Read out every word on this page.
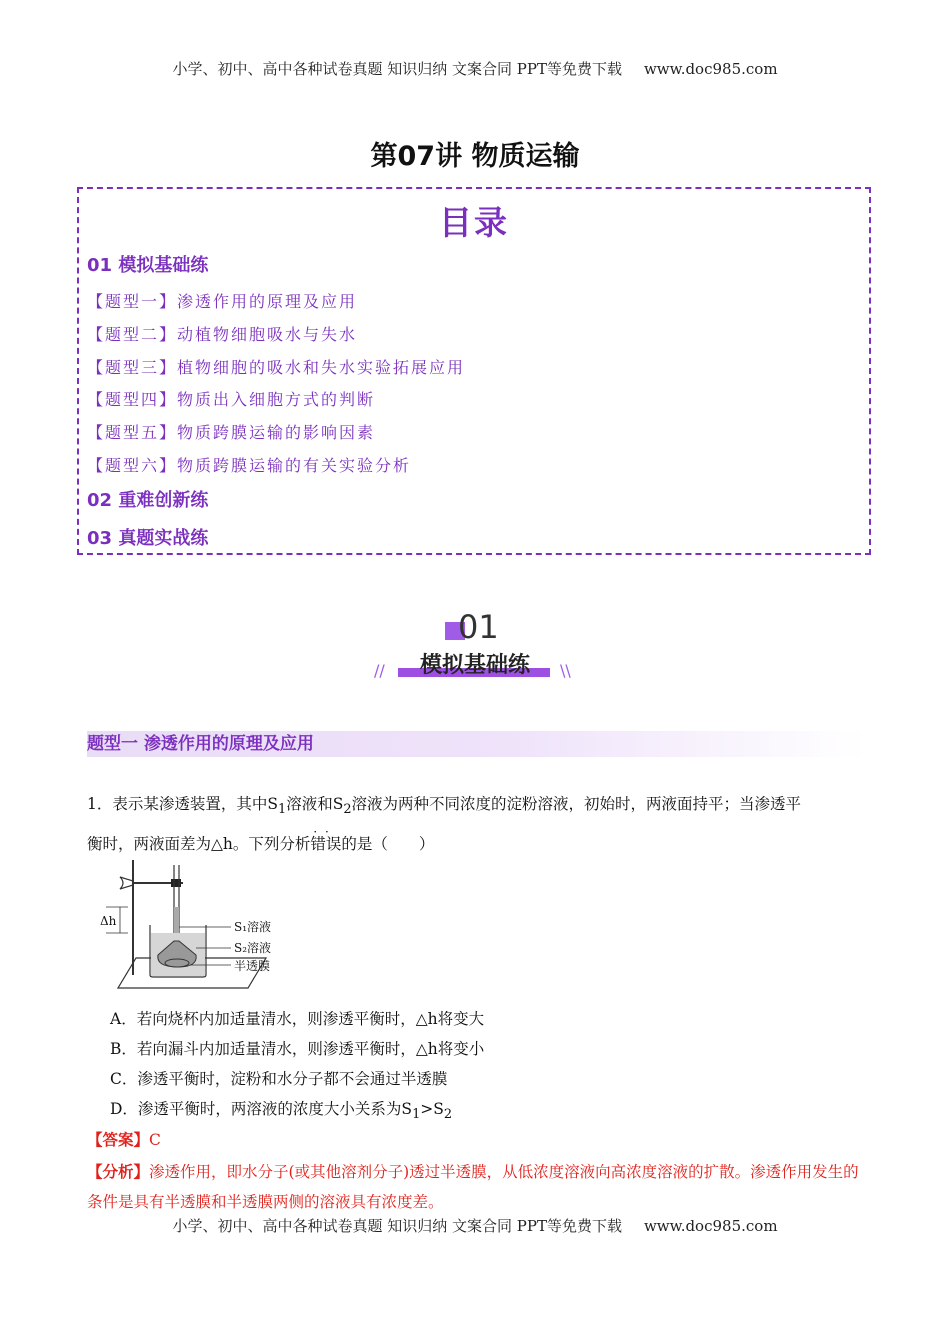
小学、初中、高中各种试卷真题 知识归纳 文案合同 PPT等免费下载 www.doc985.com
第07讲 物质运输
目录
01 模拟基础练
【题型一】渗透作用的原理及应用
【题型二】动植物细胞吸水与失水
【题型三】植物细胞的吸水和失水实验拓展应用
【题型四】物质出入细胞方式的判断
【题型五】物质跨膜运输的影响因素
【题型六】物质跨膜运输的有关实验分析
02 重难创新练
03 真题实战练
01
模拟基础练
//	\\
题型一 渗透作用的原理及应用
1．表示某渗透装置，其中$S_1$溶液和$S_2$溶液为两种不同浓度的淀粉溶液，初始时，两液面持平；当渗透平
衡时，两液面差为△h。下列分析错误 · ·的是（　　）
Δh	S₁溶液
S₂溶液
半透膜
A．若向烧杯内加适量清水，则渗透平衡时，△h将变大
B．若向漏斗内加适量清水，则渗透平衡时，△h将变小
C．渗透平衡时，淀粉和水分子都不会通过半透膜
D．渗透平衡时，两溶液的浓度大小关系为$S_1>S_2$
【答案】C
【分析】渗透作用，即水分子(或其他溶剂分子)透过半透膜，从低浓度溶液向高浓度溶液的扩散。渗透作用发生的条件是具有半透膜和半透膜两侧的溶液具有浓度差。
小学、初中、高中各种试卷真题 知识归纳 文案合同 PPT等免费下载 www.doc985.com
